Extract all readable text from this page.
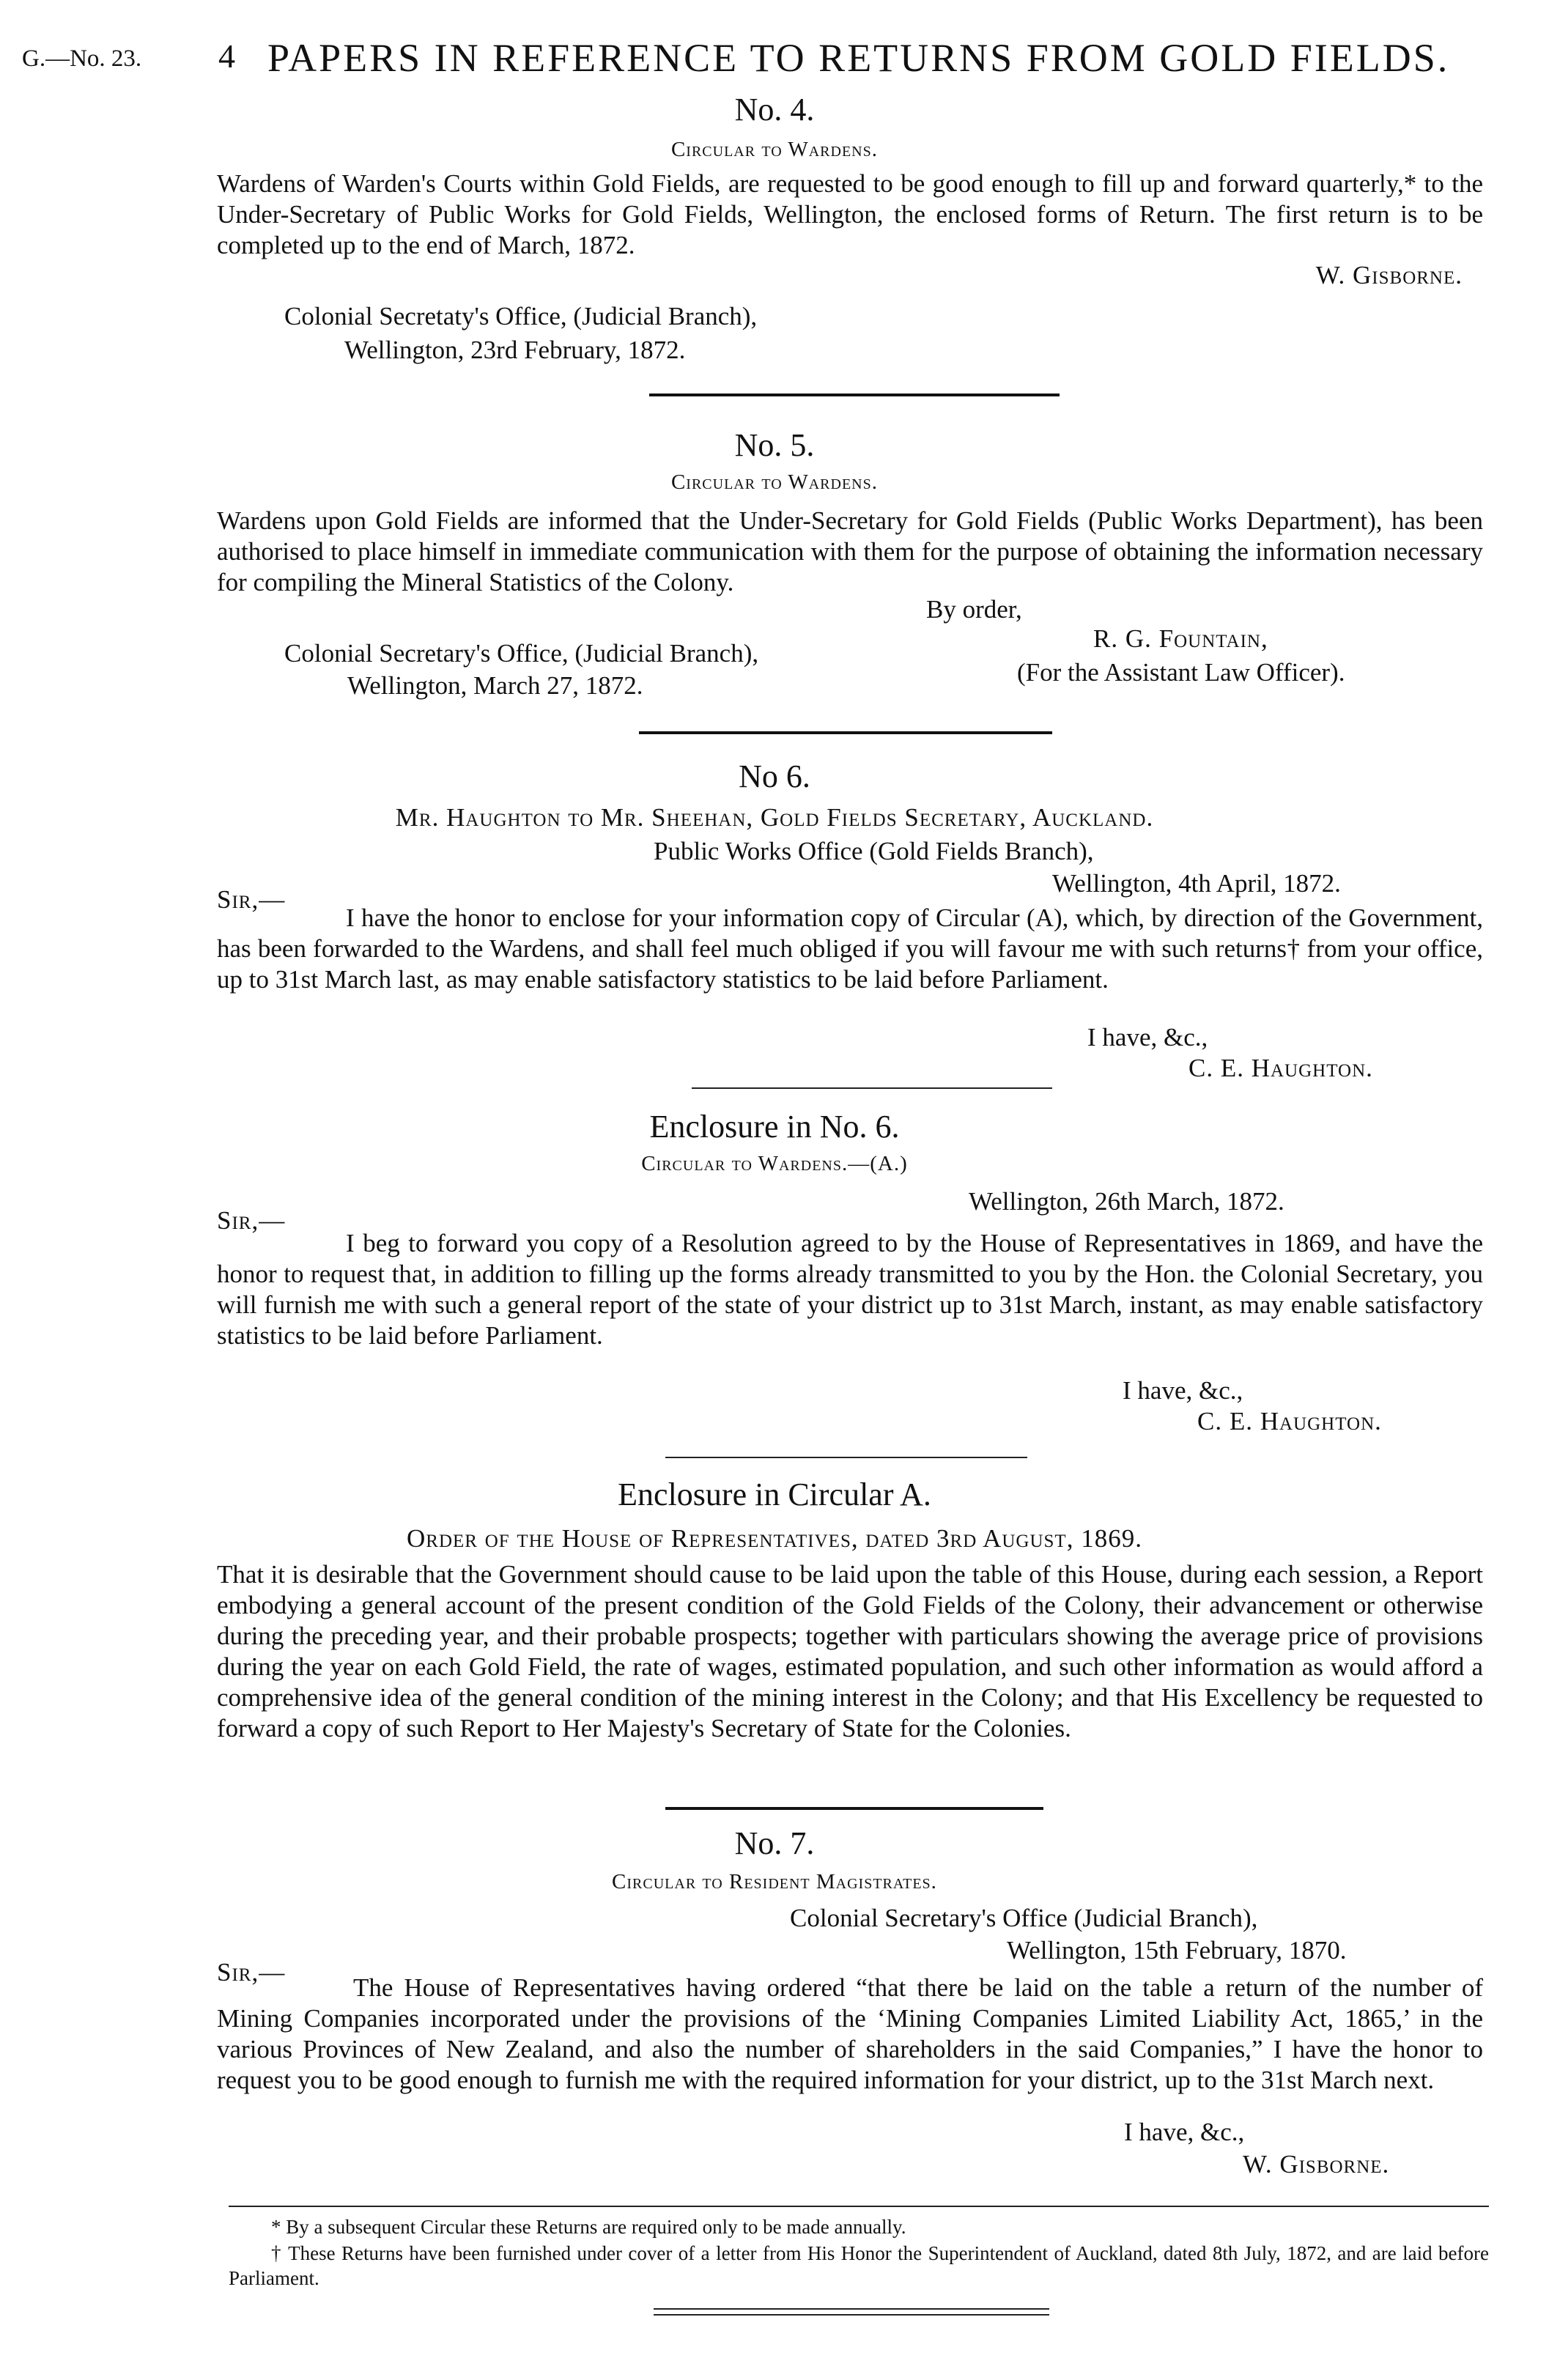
G.—No. 23. 4 PAPERS IN REFERENCE TO RETURNS FROM GOLD FIELDS.
No. 4.
Circular to Wardens.
Wardens of Warden's Courts within Gold Fields, are requested to be good enough to fill up and forward quarterly,* to the Under-Secretary of Public Works for Gold Fields, Wellington, the enclosed forms of Return. The first return is to be completed up to the end of March, 1872.
W. Gisborne.
Colonial Secretaty's Office, (Judicial Branch),
Wellington, 23rd February, 1872.
No. 5.
Circular to Wardens.
Wardens upon Gold Fields are informed that the Under-Secretary for Gold Fields (Public Works Department), has been authorised to place himself in immediate communication with them for the purpose of obtaining the information necessary for compiling the Mineral Statistics of the Colony.
By order,
Colonial Secretary's Office, (Judicial Branch),
Wellington, March 27, 1872.
R. G. Fountain,
(For the Assistant Law Officer).
No 6.
Mr. Haughton to Mr. Sheehan, Gold Fields Secretary, Auckland.
Public Works Office (Gold Fields Branch),
Wellington, 4th April, 1872.
Sir,—
I have the honor to enclose for your information copy of Circular (A), which, by direction of the Government, has been forwarded to the Wardens, and shall feel much obliged if you will favour me with such returns† from your office, up to 31st March last, as may enable satisfactory statistics to be laid before Parliament.
I have, &c.,
C. E. Haughton.
Enclosure in No. 6.
Circular to Wardens.—(A.)
Wellington, 26th March, 1872.
Sir,—
I beg to forward you copy of a Resolution agreed to by the House of Representatives in 1869, and have the honor to request that, in addition to filling up the forms already transmitted to you by the Hon. the Colonial Secretary, you will furnish me with such a general report of the state of your district up to 31st March, instant, as may enable satisfactory statistics to be laid before Parliament.
I have, &c.,
C. E. Haughton.
Enclosure in Circular A.
Order of the House of Representatives, dated 3rd August, 1869.
That it is desirable that the Government should cause to be laid upon the table of this House, during each session, a Report embodying a general account of the present condition of the Gold Fields of the Colony, their advancement or otherwise during the preceding year, and their probable prospects; together with particulars showing the average price of provisions during the year on each Gold Field, the rate of wages, estimated population, and such other information as would afford a comprehensive idea of the general condition of the mining interest in the Colony; and that His Excellency be requested to forward a copy of such Report to Her Majesty's Secretary of State for the Colonies.
No. 7.
Circular to Resident Magistrates.
Colonial Secretary's Office (Judicial Branch),
Wellington, 15th February, 1870.
Sir,—
The House of Representatives having ordered “that there be laid on the table a return of the number of Mining Companies incorporated under the provisions of the ‘Mining Companies Limited Liability Act, 1865,’ in the various Provinces of New Zealand, and also the number of shareholders in the said Companies,” I have the honor to request you to be good enough to furnish me with the required information for your district, up to the 31st March next.
I have, &c.,
W. Gisborne.
* By a subsequent Circular these Returns are required only to be made annually.
† These Returns have been furnished under cover of a letter from His Honor the Superintendent of Auckland, dated 8th July, 1872, and are laid before Parliament.
